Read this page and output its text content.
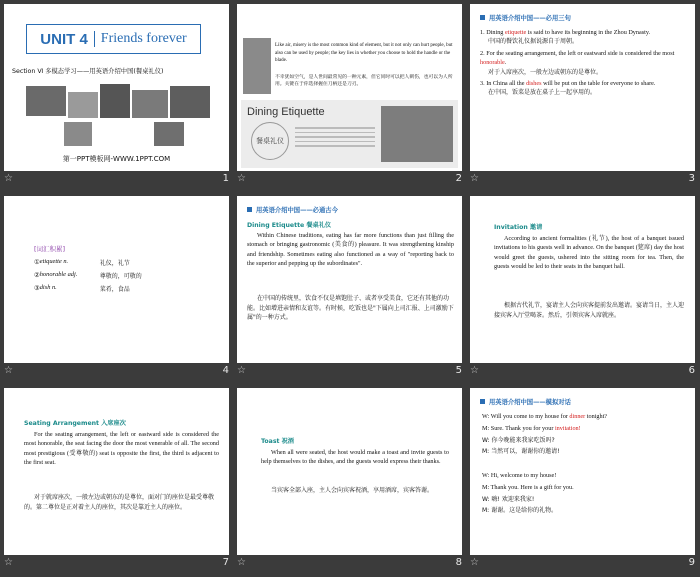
UNIT 4 Friends forever
Section Ⅵ 多模态学习——用英语介绍中国(餐桌礼仪)
第一PPT模板网-WWW.1PPT.COM
☆	1
Like air, misery is the most common kind of element, but it not only can hurt people, but also can be used by people; the key lies in whether you choose to hold the handle or the blade.
不幸犹如空气，是人世间最常见的一种元素，但它同时可以把人刺伤，也可以为人所用。关键在于你选择握住刀柄还是刀刃。
Dining Etiquette
餐桌礼仪
☆	2
用英语介绍中国——必用三句
1. Dining etiquette is said to have its beginning in the Zhou Dynasty.
中国的餐饮礼仪据说源自于周朝。
2. For the seating arrangement, the left or eastward side is considered the most honorable.
对于入席座次，一般左边或朝东的是尊位。
3. In China all the dishes will be put on the table for everyone to share.
在中国，饭菜是放在桌子上一起享用的。
☆	3
[词汇积累]
① etiquette n.	礼仪，礼节
② honorable adj.	尊敬的，可敬的
③ dish n.	菜肴，食品
☆	4
用英语介绍中国——必通古今
Dining Etiquette 餐桌礼仪
Within Chinese traditions, eating has far more functions than just filling the stomach or bringing gastronomic (美食的) pleasure. It was strengthening kinship and friendship. Sometimes eating also functioned as a way of "reporting back to the superior and pepping up the subordinates".
在中国的传统里，饮食不仅是填饱肚子、或者享受美食，它还有其他的功能。比如增进亲情和友谊等。有时候，吃饭也是"下属向上司汇报、上司激励下属"的一种方式。
☆	5
Invitation 邀请
According to ancient formalities (礼节), the host of a banquet issued invitations to his guests well in advance. On the banquet (筵席) day the host would greet the guests, ushered into the sitting room for tea. Then, the guests would be led to their seats in the banquet hall.
根据古代礼节，宴请主人会向宾客提前发出邀请。宴请当日，主人迎接宾客入厅堂喝茶。然后，引领宾客入席就座。
☆	6
Seating Arrangement 入席座次
For the seating arrangement, the left or eastward side is considered the most honorable, the seat facing the door the most venerable of all. The second most prestigious (受尊敬的) seat is opposite the first, the third is adjacent to the first seat.
对于就席座次，一般左边或朝东的是尊位，面对门的座位是最受尊敬的。第二尊位是正对着主人的座位，其次是靠近主人的座位。
☆	7
Toast 祝酒
When all were seated, the host would make a toast and invite guests to help themselves to the dishes, and the guests would express their thanks.
当宾客全部入座，主人会向宾客祝酒，享用酒席，宾客答谢。
☆	8
用英语介绍中国——模拟对话
W: Will you come to my house for dinner tonight?
M: Sure. Thank you for your invitation!
W: 你今晚能来我家吃饭吗?
M: 当然可以，谢谢你的邀请!
W: Hi, welcome to my house!
M: Thank you. Here is a gift for you.
W: 嗨! 欢迎来我家!
M: 谢谢。这是给你的礼物。
☆	9
